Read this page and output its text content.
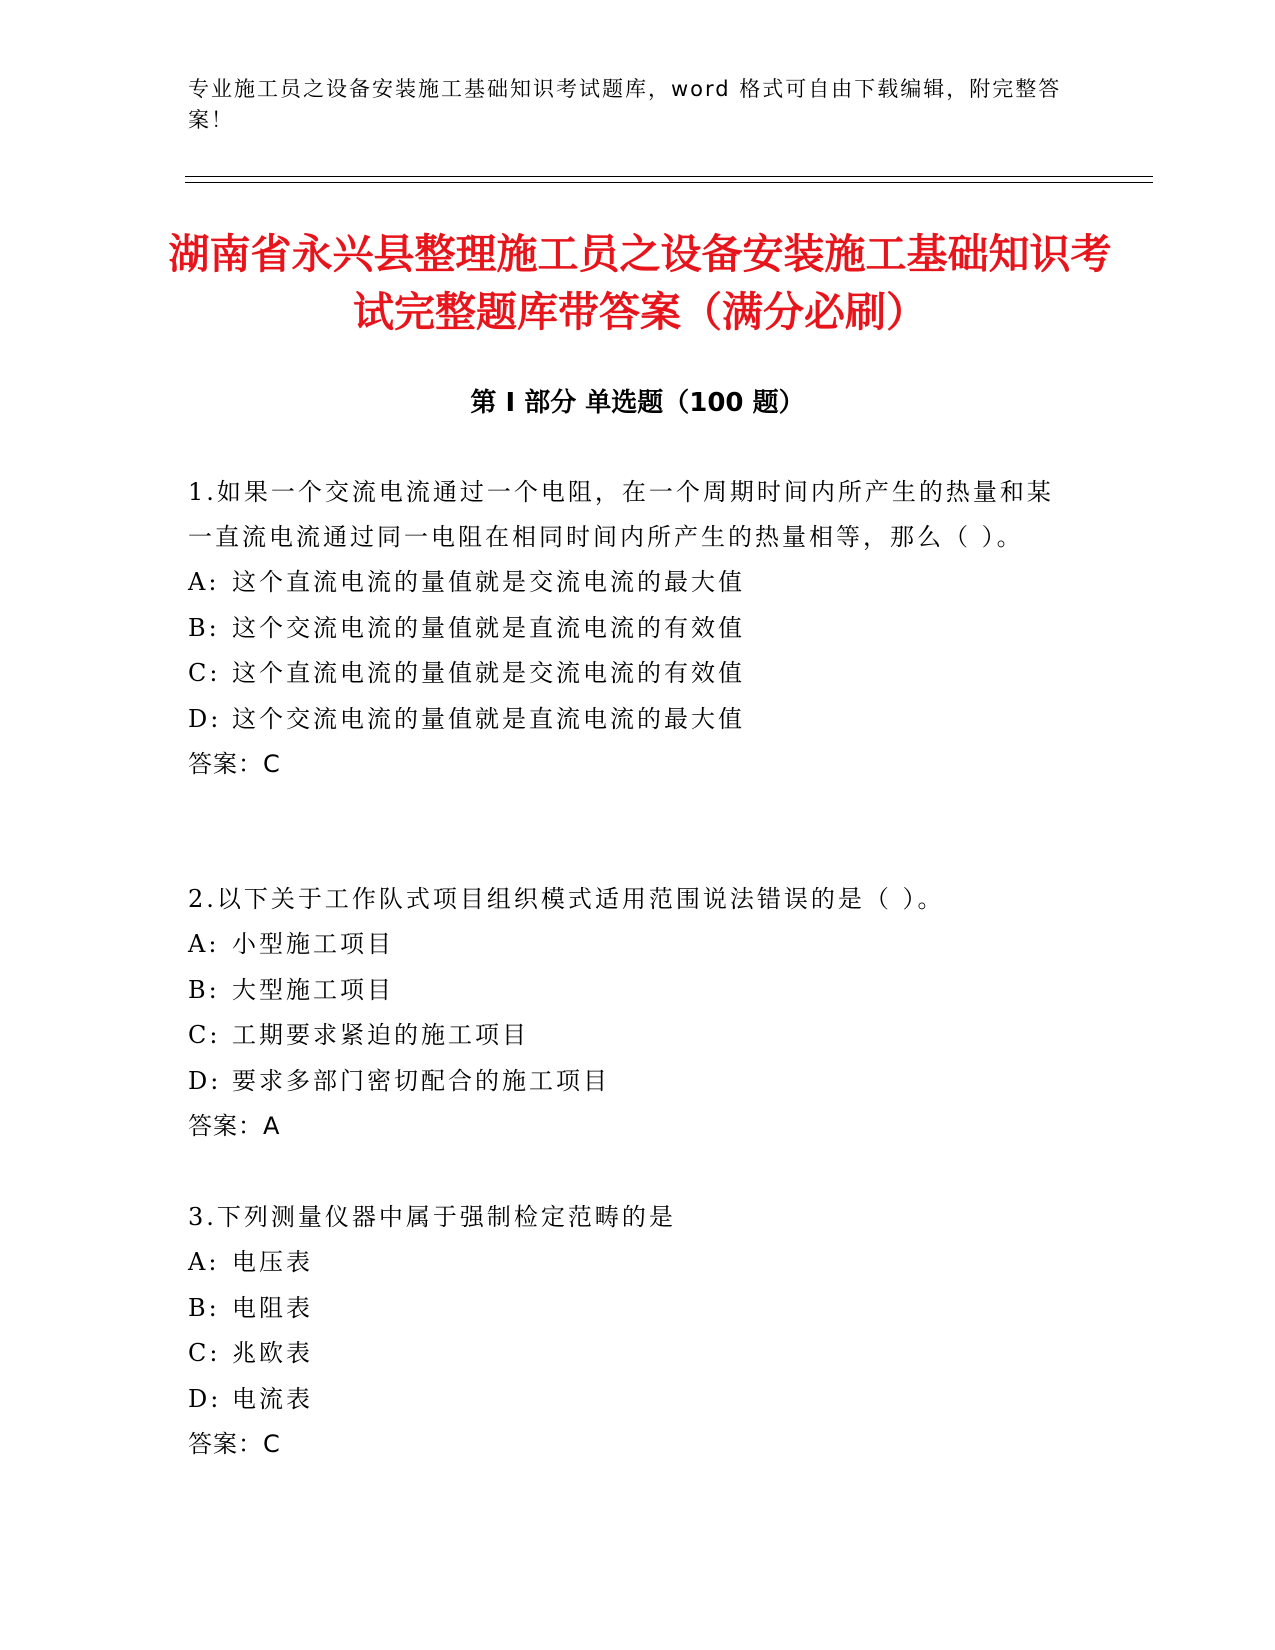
专业施工员之设备安装施工基础知识考试题库，word 格式可自由下载编辑，附完整答案！
湖南省永兴县整理施工员之设备安装施工基础知识考试完整题库带答案（满分必刷）
第 I 部分 单选题（100 题）
1.如果一个交流电流通过一个电阻，在一个周期时间内所产生的热量和某一直流电流通过同一电阻在相同时间内所产生的热量相等，那么（ ）。
A: 这个直流电流的量值就是交流电流的最大值
B: 这个交流电流的量值就是直流电流的有效值
C: 这个直流电流的量值就是交流电流的有效值
D: 这个交流电流的量值就是直流电流的最大值
答案：C
2.以下关于工作队式项目组织模式适用范围说法错误的是（ ）。
A: 小型施工项目
B: 大型施工项目
C: 工期要求紧迫的施工项目
D: 要求多部门密切配合的施工项目
答案：A
3.下列测量仪器中属于强制检定范畴的是
A: 电压表
B: 电阻表
C: 兆欧表
D: 电流表
答案：C
